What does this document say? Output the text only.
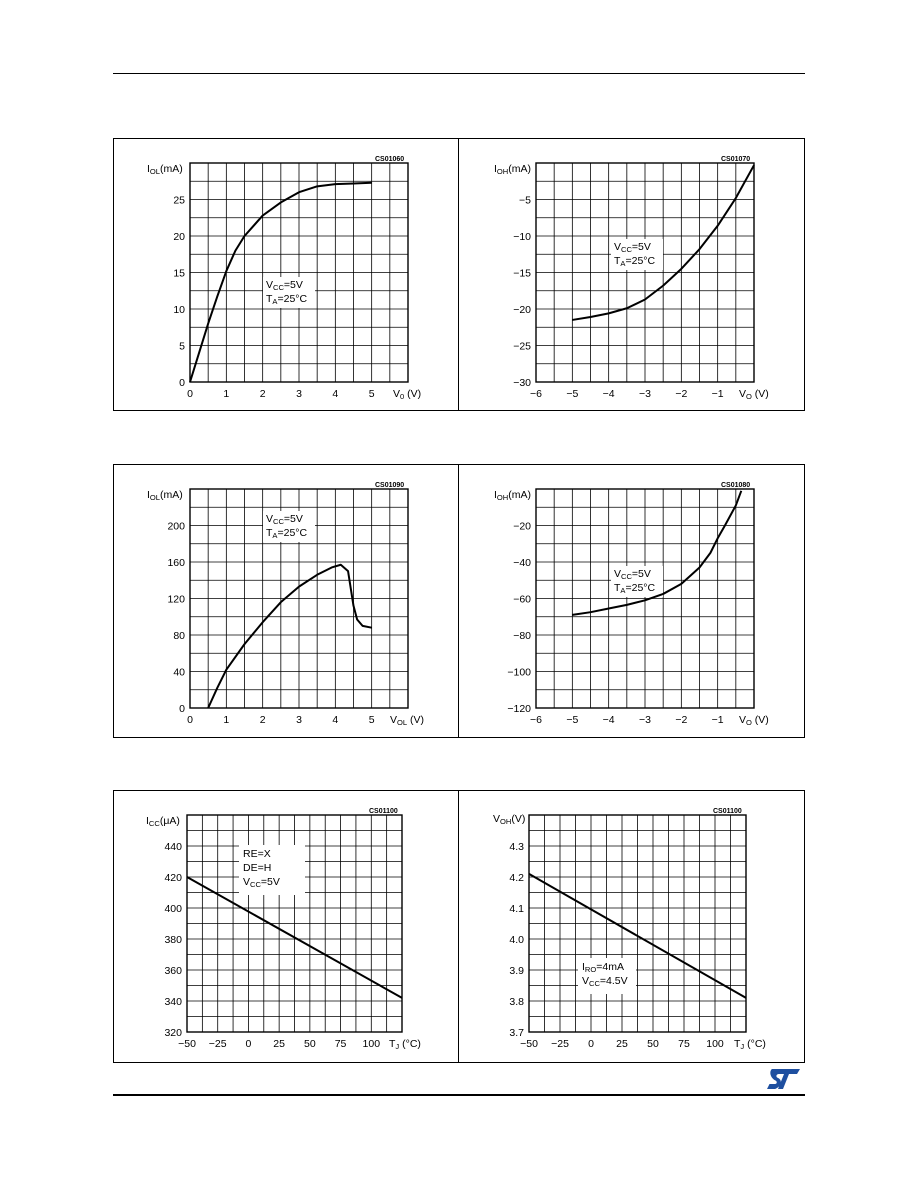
0	1	2	3	4	5
0
5
10
15
20
25
IOL(mA)
V0 (V)
CS01060
VCC=5V
TA=25°C
−6 −5 −4 −3 −2 −1
−30
−25
−20
−15
−10
−5
IOH(mA)
VO (V)
CS01070
VCC=5V
TA=25°C
0	1	2	3	4	5
0
40
80
120
160
200
IOL(mA)
VOL (V)
CS01090
VCC=5V
TA=25°C
−6 −5 −4 −3 −2 −1
−120
−100
−80
−60
−40
−20
IOH(mA)
VO (V)
CS01080
VCC=5V
TA=25°C
−50 −25 0 25 50 75 100
320
340
360
380
400
420
440
ICC(μA)
TJ (°C)
CS01100
RE=X
DE=H
VCC=5V
−50 −25 0 25 50 75 100
3.7
3.8
3.9
4.0
4.1
4.2
4.3
VOH(V)
TJ (°C)
CS01100
IRO=4mA
VCC=4.5V
